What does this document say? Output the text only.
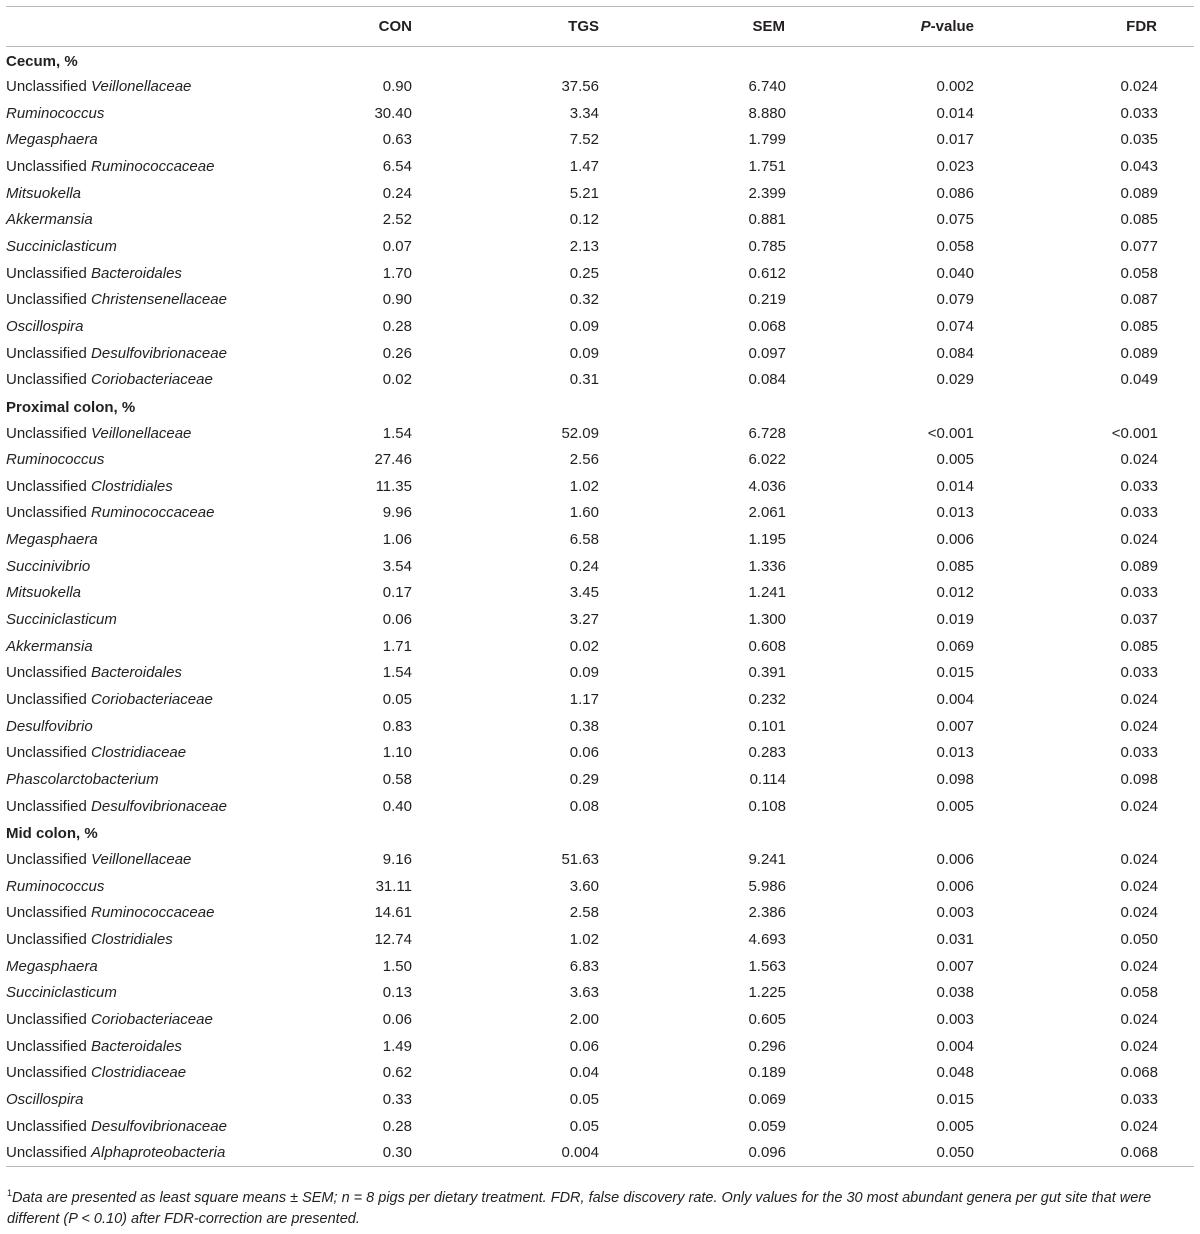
	CON	TGS	SEM	P-value	FDR
Cecum, %					
Unclassified Veillonellaceae	0.90	37.56	6.740	0.002	0.024
Ruminococcus	30.40	3.34	8.880	0.014	0.033
Megasphaera	0.63	7.52	1.799	0.017	0.035
Unclassified Ruminococcaceae	6.54	1.47	1.751	0.023	0.043
Mitsuokella	0.24	5.21	2.399	0.086	0.089
Akkermansia	2.52	0.12	0.881	0.075	0.085
Succiniclasticum	0.07	2.13	0.785	0.058	0.077
Unclassified Bacteroidales	1.70	0.25	0.612	0.040	0.058
Unclassified Christensenellaceae	0.90	0.32	0.219	0.079	0.087
Oscillospira	0.28	0.09	0.068	0.074	0.085
Unclassified Desulfovibrionaceae	0.26	0.09	0.097	0.084	0.089
Unclassified Coriobacteriaceae	0.02	0.31	0.084	0.029	0.049
Proximal colon, %					
Unclassified Veillonellaceae	1.54	52.09	6.728	<0.001	<0.001
Ruminococcus	27.46	2.56	6.022	0.005	0.024
Unclassified Clostridiales	11.35	1.02	4.036	0.014	0.033
Unclassified Ruminococcaceae	9.96	1.60	2.061	0.013	0.033
Megasphaera	1.06	6.58	1.195	0.006	0.024
Succinivibrio	3.54	0.24	1.336	0.085	0.089
Mitsuokella	0.17	3.45	1.241	0.012	0.033
Succiniclasticum	0.06	3.27	1.300	0.019	0.037
Akkermansia	1.71	0.02	0.608	0.069	0.085
Unclassified Bacteroidales	1.54	0.09	0.391	0.015	0.033
Unclassified Coriobacteriaceae	0.05	1.17	0.232	0.004	0.024
Desulfovibrio	0.83	0.38	0.101	0.007	0.024
Unclassified Clostridiaceae	1.10	0.06	0.283	0.013	0.033
Phascolarctobacterium	0.58	0.29	0.114	0.098	0.098
Unclassified Desulfovibrionaceae	0.40	0.08	0.108	0.005	0.024
Mid colon, %					
Unclassified Veillonellaceae	9.16	51.63	9.241	0.006	0.024
Ruminococcus	31.11	3.60	5.986	0.006	0.024
Unclassified Ruminococcaceae	14.61	2.58	2.386	0.003	0.024
Unclassified Clostridiales	12.74	1.02	4.693	0.031	0.050
Megasphaera	1.50	6.83	1.563	0.007	0.024
Succiniclasticum	0.13	3.63	1.225	0.038	0.058
Unclassified Coriobacteriaceae	0.06	2.00	0.605	0.003	0.024
Unclassified Bacteroidales	1.49	0.06	0.296	0.004	0.024
Unclassified Clostridiaceae	0.62	0.04	0.189	0.048	0.068
Oscillospira	0.33	0.05	0.069	0.015	0.033
Unclassified Desulfovibrionaceae	0.28	0.05	0.059	0.005	0.024
Unclassified Alphaproteobacteria	0.30	0.004	0.096	0.050	0.068
$^1$Data are presented as least square means ± SEM; n = 8 pigs per dietary treatment. FDR, false discovery rate. Only values for the 30 most abundant genera per gut site that were different (P < 0.10) after FDR-correction are presented.
